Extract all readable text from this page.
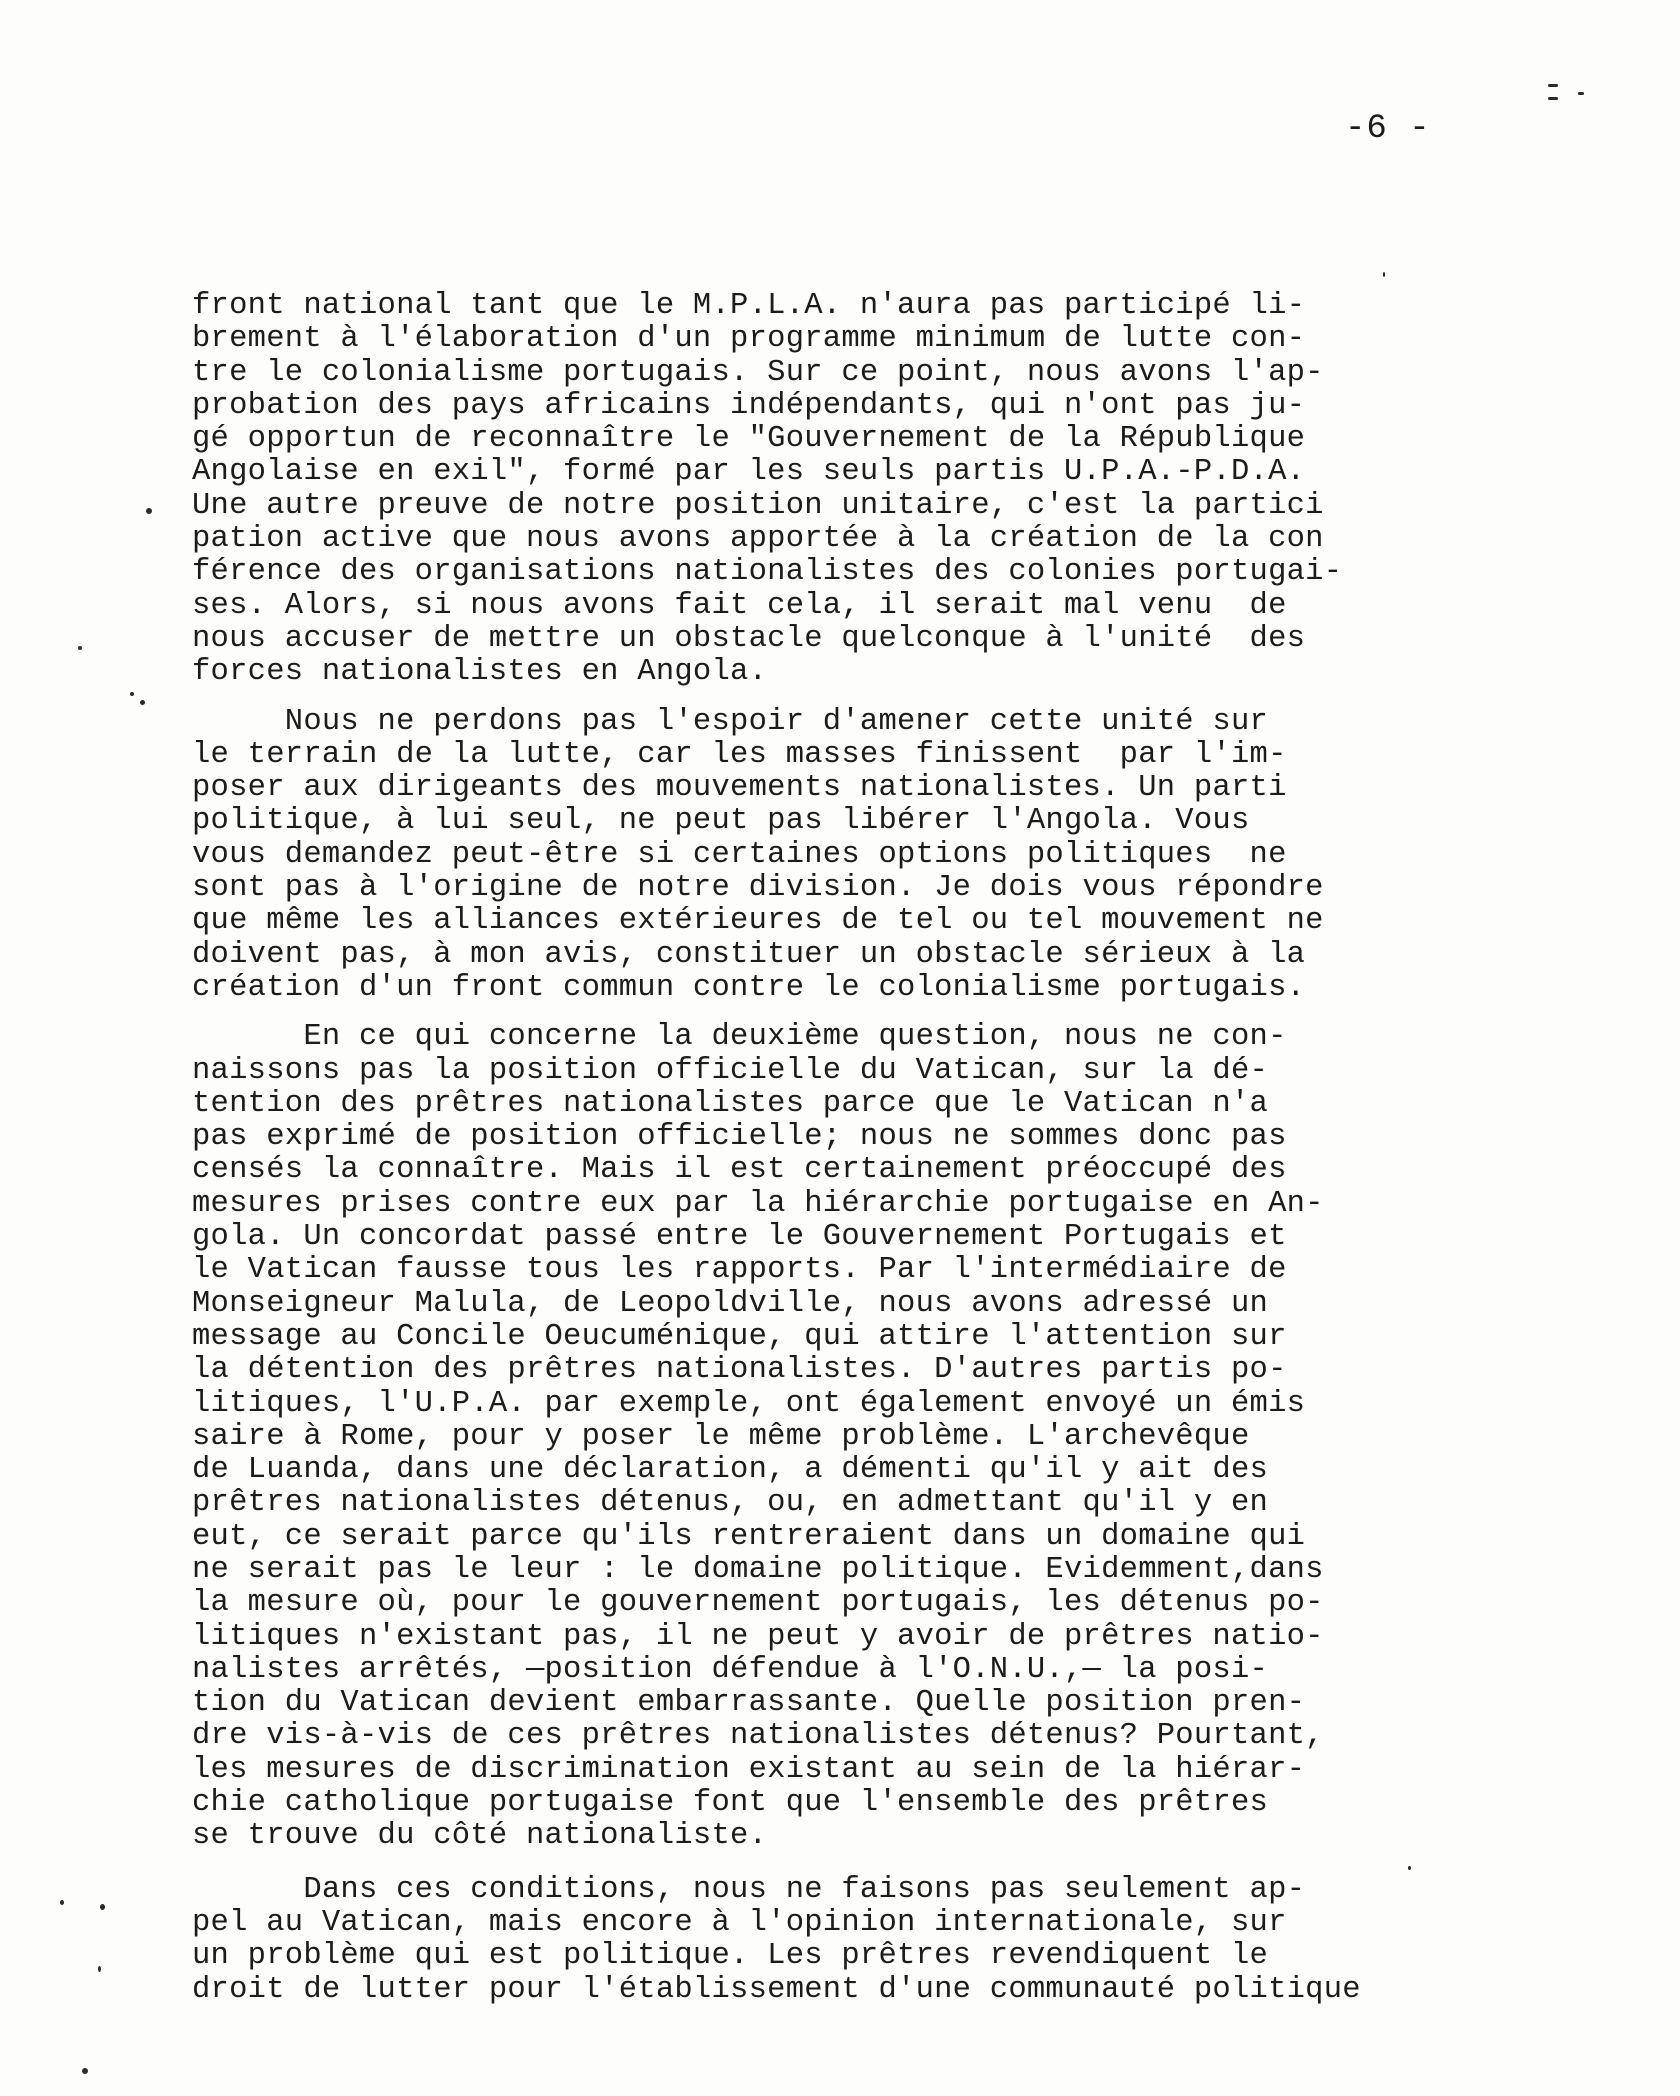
-6 -

front national tant que le M.P.L.A. n'aura pas participé li-
brement à l'élaboration d'un programme minimum de lutte con-
tre le colonialisme portugais. Sur ce point, nous avons l'ap-
probation des pays africains indépendants, qui n'ont pas ju-
gé opportun de reconnaître le "Gouvernement de la République
Angolaise en exil", formé par les seuls partis U.P.A.-P.D.A.
Une autre preuve de notre position unitaire, c'est la partici
pation active que nous avons apportée à la création de la con
férence des organisations nationalistes des colonies portugai-
ses. Alors, si nous avons fait cela, il serait mal venu  de
nous accuser de mettre un obstacle quelconque à l'unité  des
forces nationalistes en Angola.

Nous ne perdons pas l'espoir d'amener cette unité sur
le terrain de la lutte, car les masses finissent  par l'im-
poser aux dirigeants des mouvements nationalistes. Un parti
politique, à lui seul, ne peut pas libérer l'Angola. Vous
vous demandez peut-être si certaines options politiques  ne
sont pas à l'origine de notre division. Je dois vous répondre
que même les alliances extérieures de tel ou tel mouvement ne
doivent pas, à mon avis, constituer un obstacle sérieux à la
création d'un front commun contre le colonialisme portugais.

En ce qui concerne la deuxième question, nous ne con-
naissons pas la position officielle du Vatican, sur la dé-
tention des prêtres nationalistes parce que le Vatican n'a
pas exprimé de position officielle; nous ne sommes donc pas
censés la connaître. Mais il est certainement préoccupé des
mesures prises contre eux par la hiérarchie portugaise en An-
gola. Un concordat passé entre le Gouvernement Portugais et
le Vatican fausse tous les rapports. Par l'intermédiaire de
Monseigneur Malula, de Leopoldville, nous avons adressé un
message au Concile Oeucuménique, qui attire l'attention sur
la détention des prêtres nationalistes. D'autres partis po-
litiques, l'U.P.A. par exemple, ont également envoyé un émis
saire à Rome, pour y poser le même problème. L'archevêque
de Luanda, dans une déclaration, a démenti qu'il y ait des
prêtres nationalistes détenus, ou, en admettant qu'il y en
eut, ce serait parce qu'ils rentreraient dans un domaine qui
ne serait pas le leur : le domaine politique. Evidemment,dans
la mesure où, pour le gouvernement portugais, les détenus po-
litiques n'existant pas, il ne peut y avoir de prêtres natio-
nalistes arrêtés, —position défendue à l'O.N.U.,— la posi-
tion du Vatican devient embarrassante. Quelle position pren-
dre vis-à-vis de ces prêtres nationalistes détenus? Pourtant,
les mesures de discrimination existant au sein de la hiérar-
chie catholique portugaise font que l'ensemble des prêtres
se trouve du côté nationaliste.

Dans ces conditions, nous ne faisons pas seulement ap-
pel au Vatican, mais encore à l'opinion internationale, sur
un problème qui est politique. Les prêtres revendiquent le
droit de lutter pour l'établissement d'une communauté politique
